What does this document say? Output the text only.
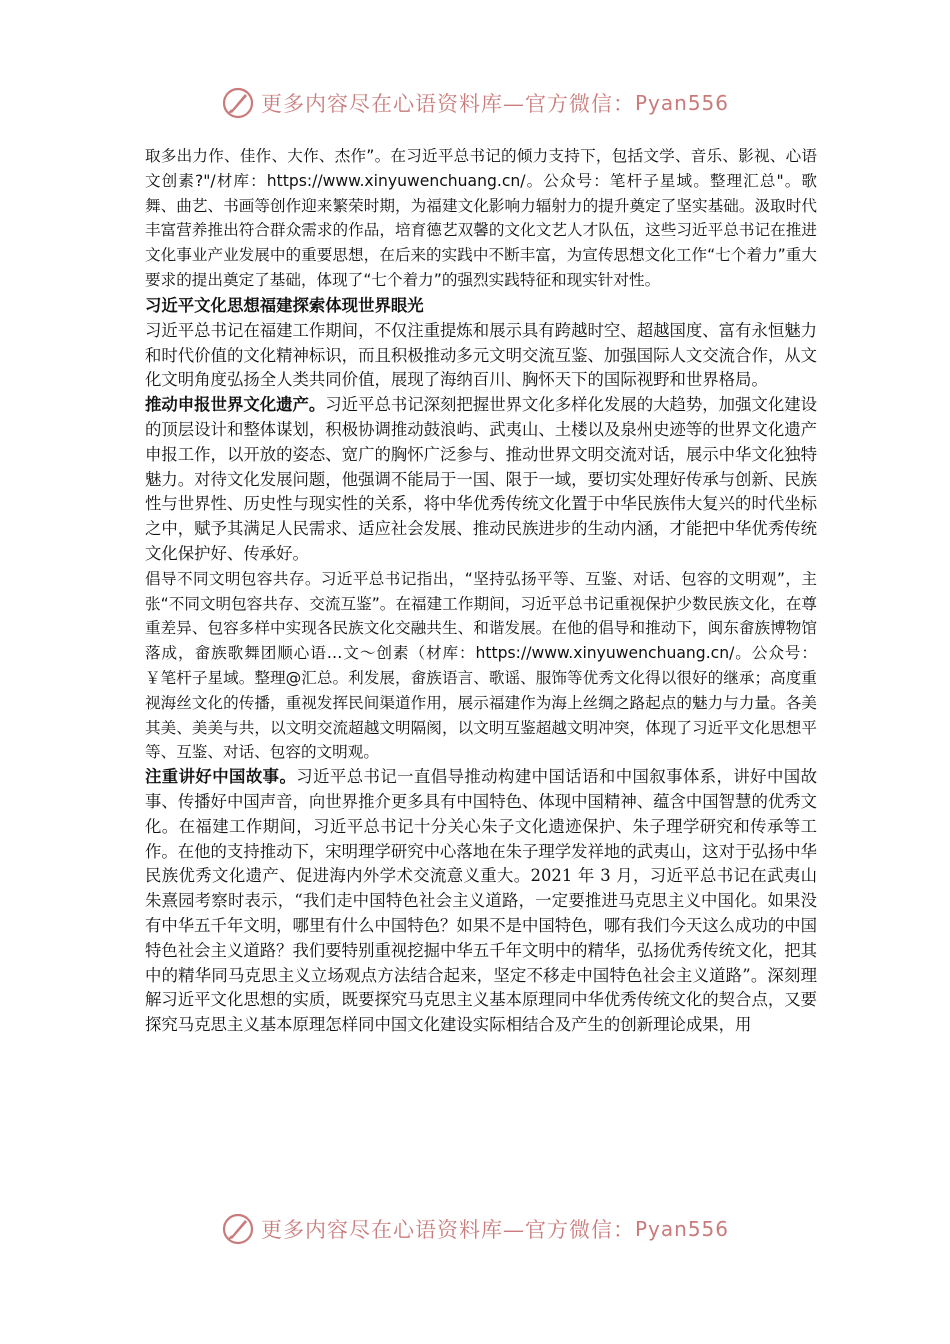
更多内容尽在心语资料库—官方微信： Pyan556

取多出力作、佳作、大作、杰作”。在习近平总书记的倾力支持下，包括文学、音乐、影视、心语文创素?"/材库：https://www.xinyuwenchuang.cn/。公众号：笔杆子星域。整理汇总"。歌舞、曲艺、书画等创作迎来繁荣时期，为福建文化影响力辐射力的提升奠定了坚实基础。汲取时代丰富营养推出符合群众需求的作品，培育德艺双馨的文化文艺人才队伍，这些习近平总书记在推进文化事业产业发展中的重要思想，在后来的实践中不断丰富，为宣传思想文化工作“七个着力”重大要求的提出奠定了基础，体现了“七个着力”的强烈实践特征和现实针对性。

习近平文化思想福建探索体现世界眼光

习近平总书记在福建工作期间，不仅注重提炼和展示具有跨越时空、超越国度、富有永恒魅力和时代价值的文化精神标识，而且积极推动多元文明交流互鉴、加强国际人文交流合作，从文化文明角度弘扬全人类共同价值，展现了海纳百川、胸怀天下的国际视野和世界格局。

推动申报世界文化遗产。习近平总书记深刻把握世界文化多样化发展的大趋势，加强文化建设的顶层设计和整体谋划，积极协调推动鼓浪屿、武夷山、土楼以及泉州史迹等的世界文化遗产申报工作，以开放的姿态、宽广的胸怀广泛参与、推动世界文明交流对话，展示中华文化独特魅力。对待文化发展问题，他强调不能局于一国、限于一域，要切实处理好传承与创新、民族性与世界性、历史性与现实性的关系，将中华优秀传统文化置于中华民族伟大复兴的时代坐标之中，赋予其满足人民需求、适应社会发展、推动民族进步的生动内涵，才能把中华优秀传统文化保护好、传承好。

倡导不同文明包容共存。习近平总书记指出，“坚持弘扬平等、互鉴、对话、包容的文明观”，主张“不同文明包容共存、交流互鉴”。在福建工作期间，习近平总书记重视保护少数民族文化，在尊重差异、包容多样中实现各民族文化交融共生、和谐发展。在他的倡导和推动下，闽东畲族博物馆落成，畲族歌舞团顺心语…文～创素（材库：https://www.xinyuwenchuang.cn/。公众号：￥笔杆子星域。整理@汇总。利发展，畲族语言、歌谣、服饰等优秀文化得以很好的继承；高度重视海丝文化的传播，重视发挥民间渠道作用，展示福建作为海上丝绸之路起点的魅力与力量。各美其美、美美与共，以文明交流超越文明隔阂，以文明互鉴超越文明冲突，体现了习近平文化思想平等、互鉴、对话、包容的文明观。

注重讲好中国故事。习近平总书记一直倡导推动构建中国话语和中国叙事体系，讲好中国故事、传播好中国声音，向世界推介更多具有中国特色、体现中国精神、蕴含中国智慧的优秀文化。在福建工作期间，习近平总书记十分关心朱子文化遗迹保护、朱子理学研究和传承等工作。在他的支持推动下，宋明理学研究中心落地在朱子理学发祥地的武夷山，这对于弘扬中华民族优秀文化遗产、促进海内外学术交流意义重大。2021 年 3 月，习近平总书记在武夷山朱熹园考察时表示，“我们走中国特色社会主义道路，一定要推进马克思主义中国化。如果没有中华五千年文明，哪里有什么中国特色？如果不是中国特色，哪有我们今天这么成功的中国特色社会主义道路？我们要特别重视挖掘中华五千年文明中的精华，弘扬优秀传统文化，把其中的精华同马克思主义立场观点方法结合起来，坚定不移走中国特色社会主义道路”。深刻理解习近平文化思想的实质，既要探究马克思主义基本原理同中华优秀传统文化的契合点，又要探究马克思主义基本原理怎样同中国文化建设实际相结合及产生的创新理论成果，用

更多内容尽在心语资料库—官方微信： Pyan556
